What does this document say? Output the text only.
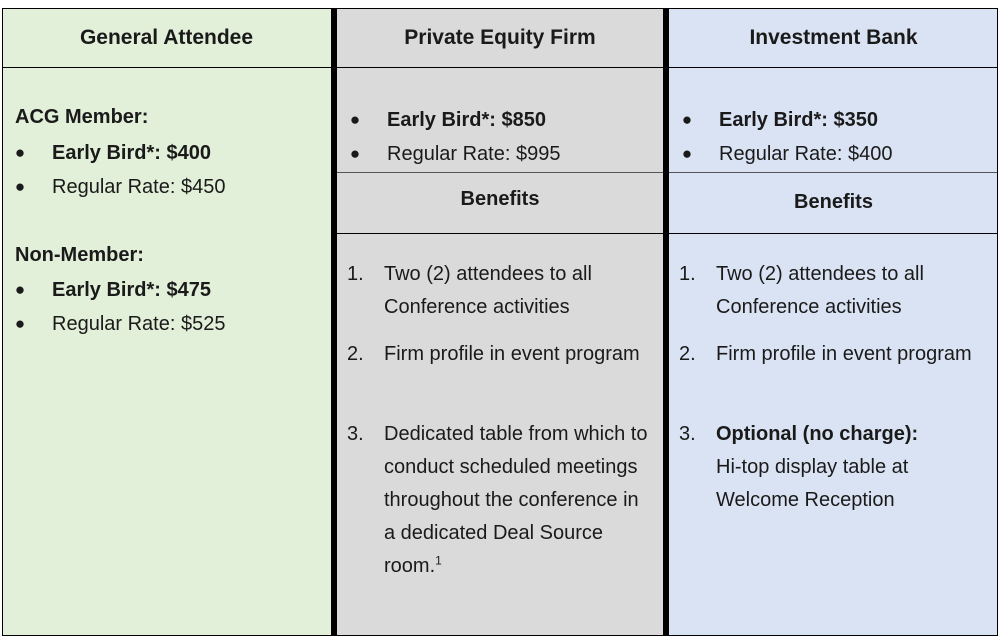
General Attendee
ACG Member:
● Early Bird*: $400
● Regular Rate: $450
Non-Member:
● Early Bird*: $475
● Regular Rate: $525
Private Equity Firm
● Early Bird*: $850
● Regular Rate: $995
Benefits
1.	Two (2) attendees to all Conference activities
2.	Firm profile in event program
3.	Dedicated table from which to conduct scheduled meetings throughout the conference in a dedicated Deal Source room.$^1$
Investment Bank
● Early Bird*: $350
● Regular Rate: $400
Benefits
1.	Two (2) attendees to all Conference activities
2.	Firm profile in event program
3.	Optional (no charge):
Hi-top display table at Welcome Reception
